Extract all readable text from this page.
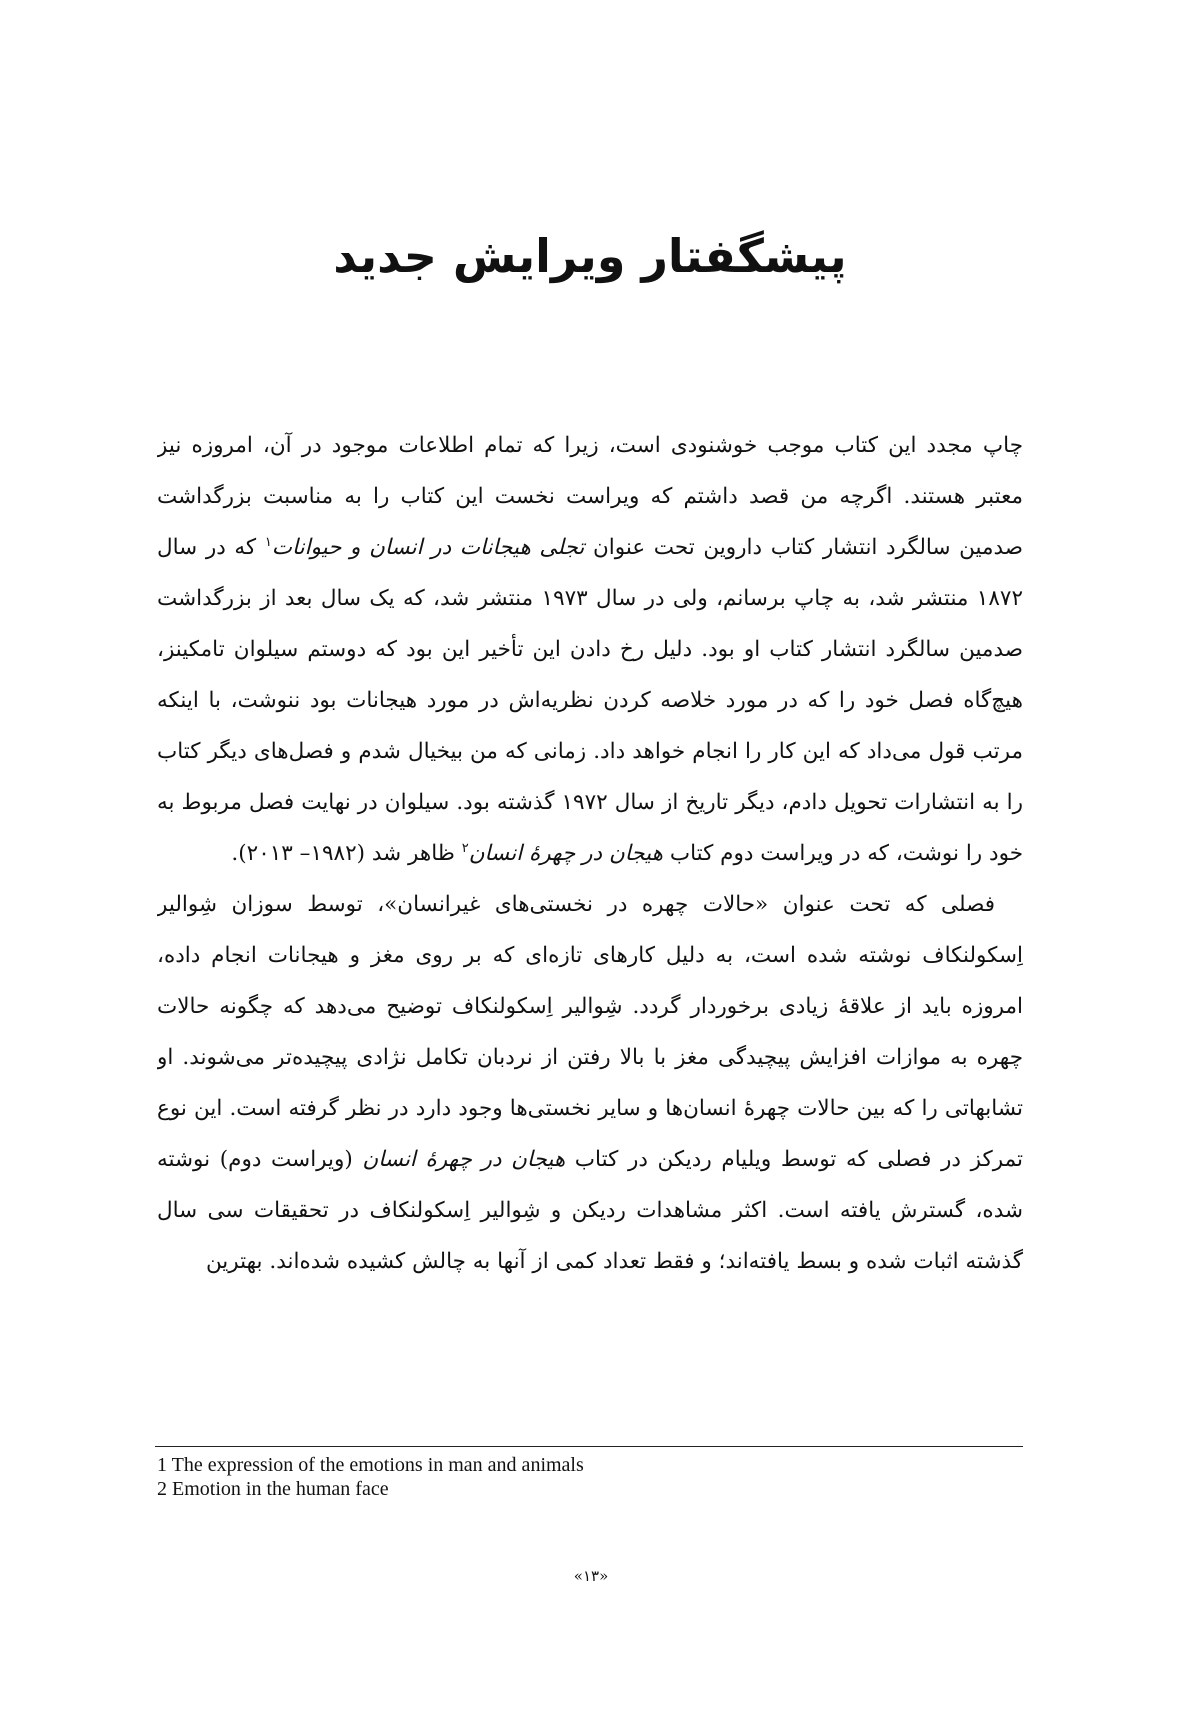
پیشگفتار ویرایش جدید

چاپ مجدد این کتاب موجب خوشنودی است، زیرا که تمام اطلاعات موجود در آن، امروزه نیز معتبر هستند. اگرچه من قصد داشتم که ویراست نخست این کتاب را به مناسبت بزرگداشت صدمین سالگرد انتشار کتاب داروین تحت عنوان تجلی هیجانات در انسان و حیوانات$^۱$ که در سال ۱۸۷۲ منتشر شد، به چاپ برسانم، ولی در سال ۱۹۷۳ منتشر شد، که یک سال بعد از بزرگداشت صدمین سالگرد انتشار کتاب او بود. دلیل رخ دادن این تأخیر این بود که دوستم سیلوان تامکینز، هیچ‌گاه فصل خود را که در مورد خلاصه کردن نظریه‌اش در مورد هیجانات بود ننوشت، با اینکه مرتب قول می‌داد که این کار را انجام خواهد داد. زمانی که من بیخیال شدم و فصل‌های دیگر کتاب را به انتشارات تحویل دادم، دیگر تاریخ از سال ۱۹۷۲ گذشته بود. سیلوان در نهایت فصل مربوط به خود را نوشت، که در ویراست دوم کتاب هیجان در چهرهٔ انسان$^۲$ ظاهر شد (۱۹۸۲– ۲۰۱۳).

فصلی که تحت عنوان «حالات چهره در نخستی‌های غیرانسان»، توسط سوزان شِوالیر اِسکولنکاف نوشته شده است، به دلیل کارهای تازه‌ای که بر روی مغز و هیجانات انجام داده، امروزه باید از علاقهٔ زیادی برخوردار گردد. شِوالیر اِسکولنکاف توضیح می‌دهد که چگونه حالات چهره به موازات افزایش پیچیدگی مغز با بالا رفتن از نردبان تکامل نژادی پیچیده‌تر می‌شوند. او تشابهاتی را که بین حالات چهرهٔ انسان‌ها و سایر نخستی‌ها وجود دارد در نظر گرفته است. این نوع تمرکز در فصلی که توسط ویلیام ردیکن در کتاب هیجان در چهرهٔ انسان (ویراست دوم) نوشته شده، گسترش یافته است. اکثر مشاهدات ردیکن و شِوالیر اِسکولنکاف در تحقیقات سی سال گذشته اثبات شده و بسط یافته‌اند؛ و فقط تعداد کمی از آنها به چالش کشیده شده‌اند. بهترین

1 The expression of the emotions in man and animals
2 Emotion in the human face
«۱۳»
